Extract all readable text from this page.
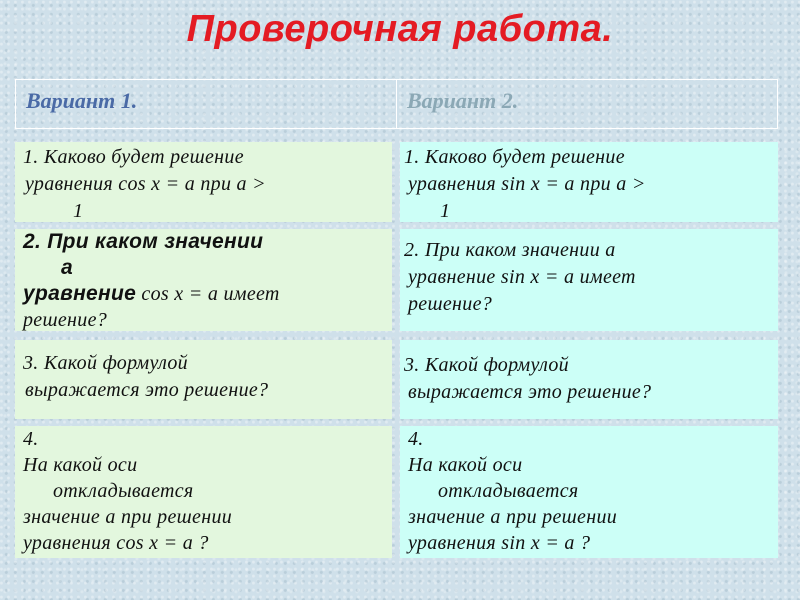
Проверочная работа.
Вариант 1.	Вариант 2.
1. Каково будет решение
уравнения cos x = a при a >
1
2. При каком значении
а
уравнение cos x = a имеет
решение?
3. Какой формулой
выражается это решение?
4.
На какой оси
откладывается
значение а при решении
уравнения cos x = a ?
1. Каково будет решение
уравнения sin x = a при a >
1
2. При каком значении а
уравнение sin x = a имеет
решение?
3. Какой формулой
выражается это решение?
4.
На какой оси
откладывается
значение а при решении
уравнения sin x = a ?
